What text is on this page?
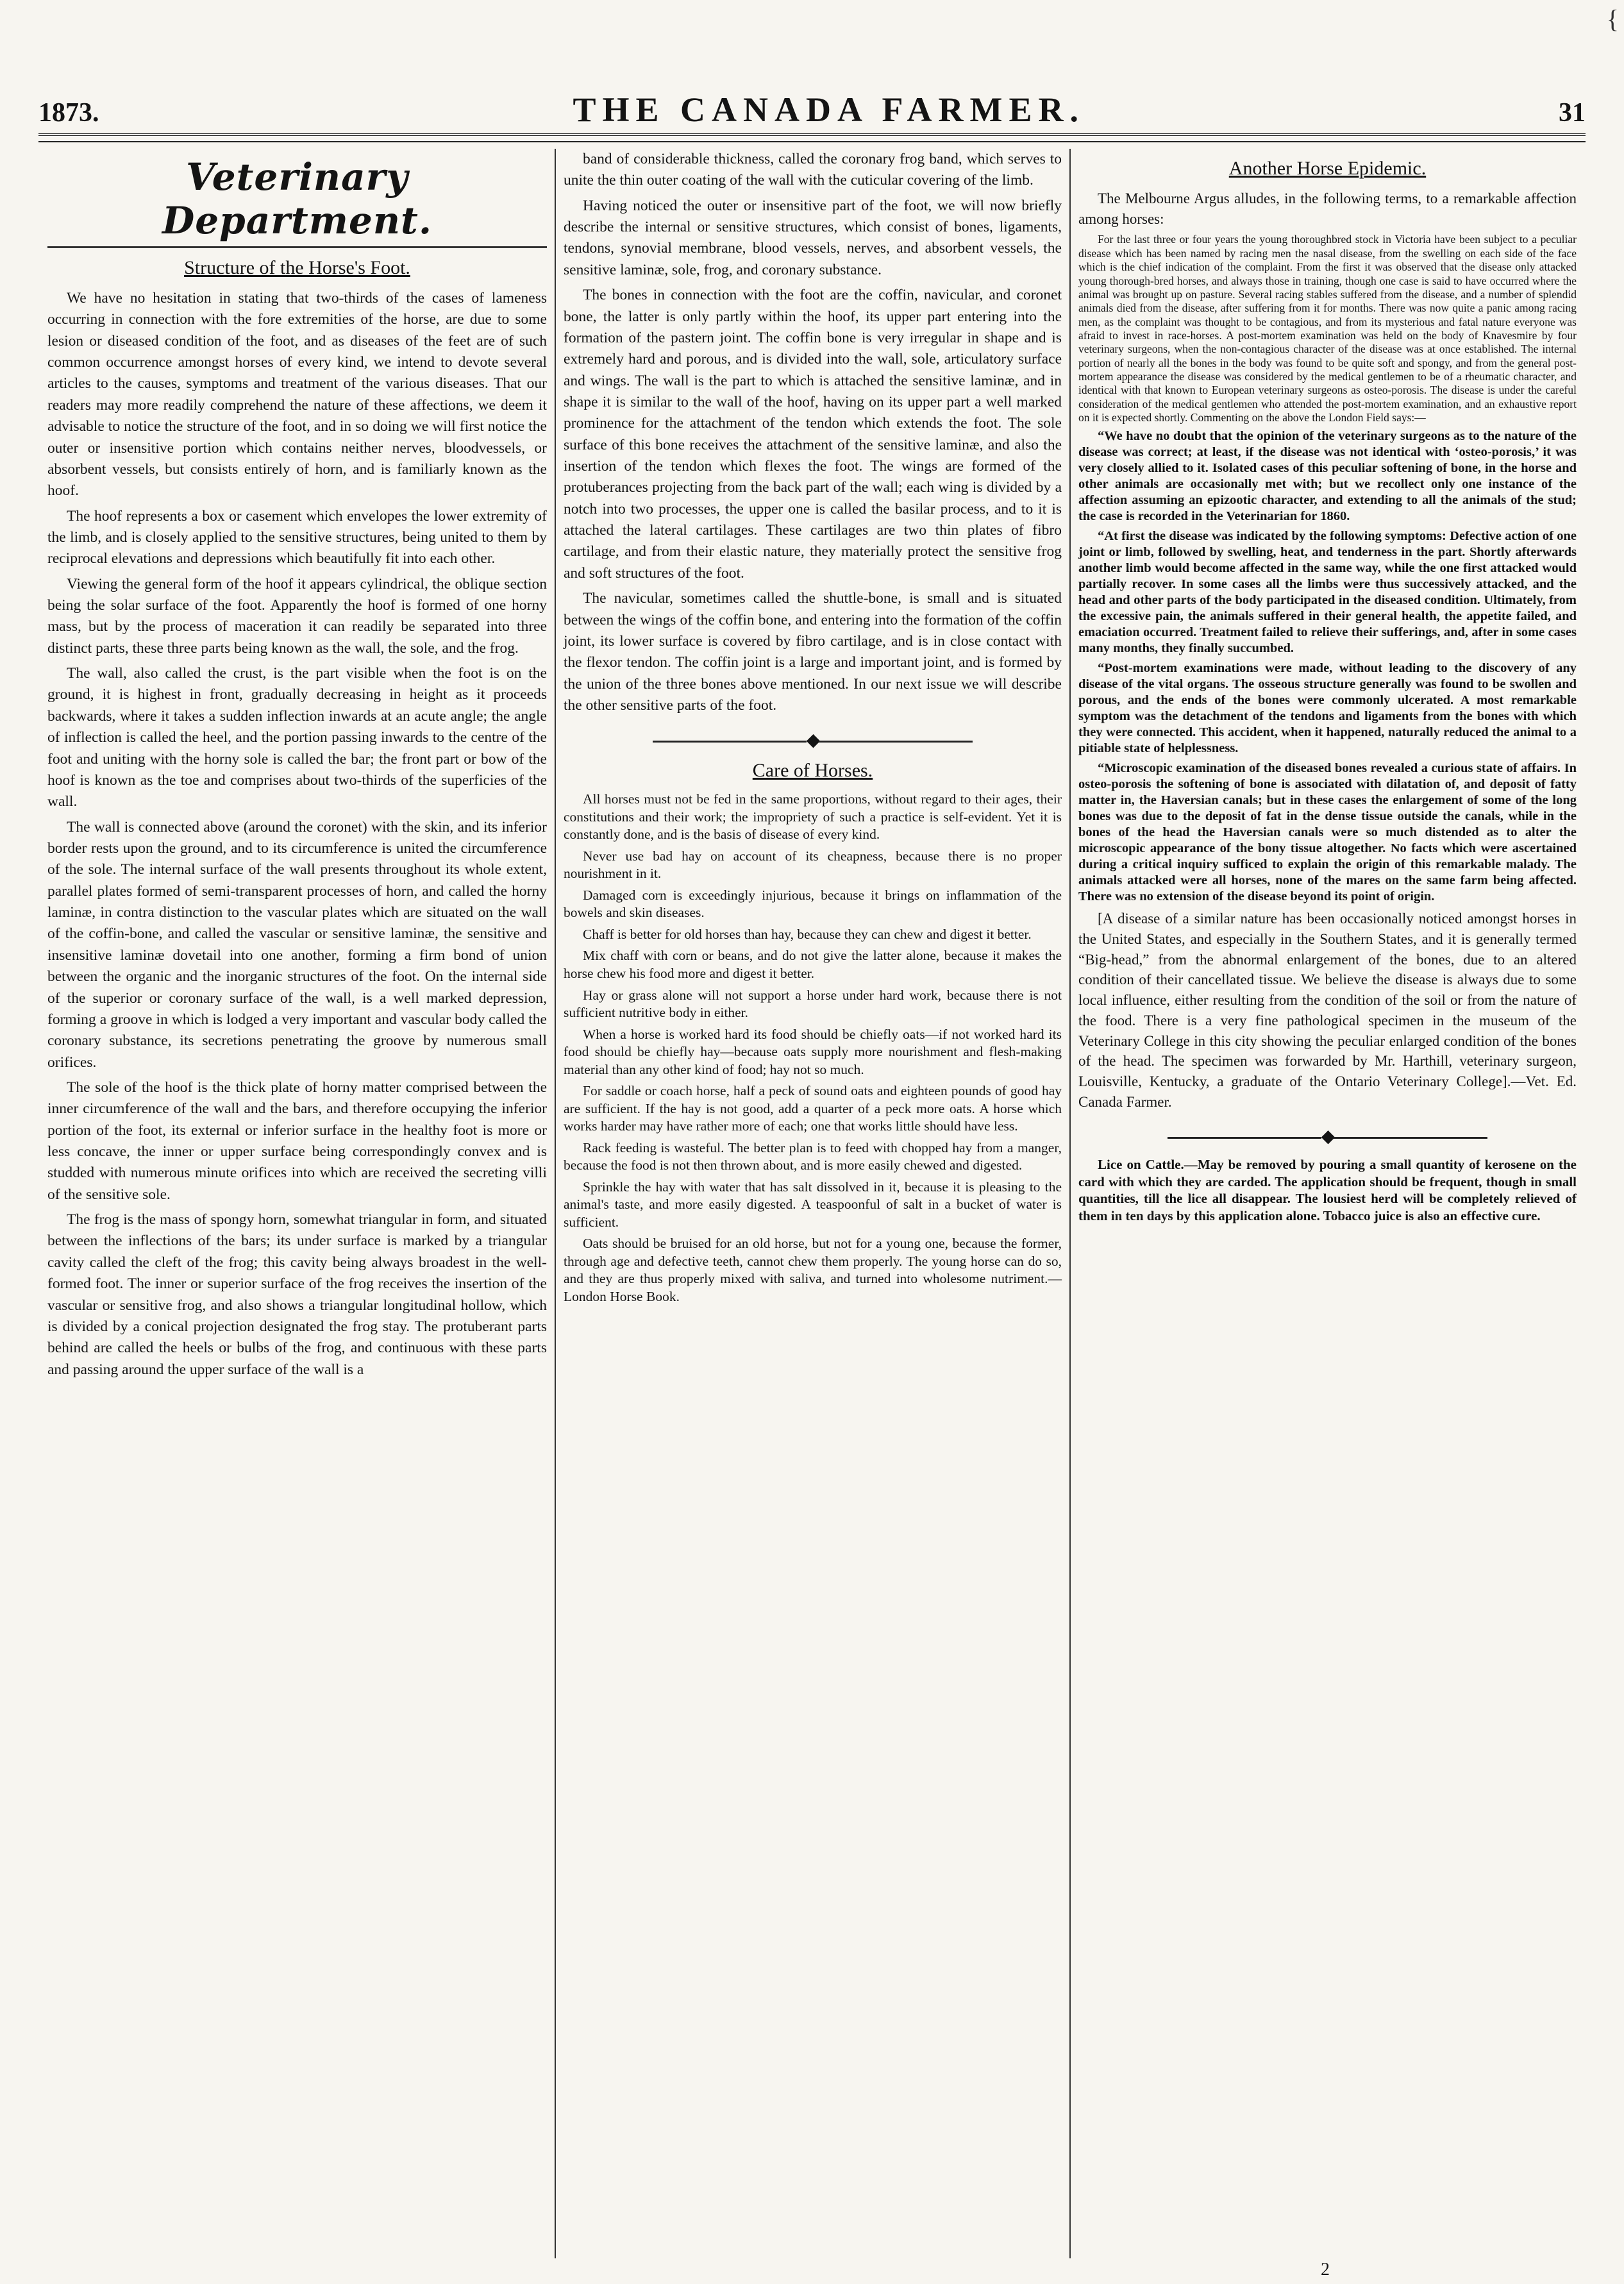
{
1873.	THE CANADA FARMER.	31
Veterinary Department.
Structure of the Horse's Foot.

We have no hesitation in stating that two-thirds of the cases of lameness occurring in connection with the fore extremities of the horse, are due to some lesion or diseased condition of the foot, and as diseases of the feet are of such common occurrence amongst horses of every kind, we intend to devote several articles to the causes, symptoms and treatment of the various diseases. That our readers may more readily comprehend the nature of these affections, we deem it advisable to notice the structure of the foot, and in so doing we will first notice the outer or insensitive portion which contains neither nerves, bloodvessels, or absorbent vessels, but consists entirely of horn, and is familiarly known as the hoof.

The hoof represents a box or casement which envelopes the lower extremity of the limb, and is closely applied to the sensitive structures, being united to them by reciprocal elevations and depressions which beautifully fit into each other.

Viewing the general form of the hoof it appears cylindrical, the oblique section being the solar surface of the foot. Apparently the hoof is formed of one horny mass, but by the process of maceration it can readily be separated into three distinct parts, these three parts being known as the wall, the sole, and the frog.

The wall, also called the crust, is the part visible when the foot is on the ground, it is highest in front, gradually decreasing in height as it proceeds backwards, where it takes a sudden inflection inwards at an acute angle; the angle of inflection is called the heel, and the portion passing inwards to the centre of the foot and uniting with the horny sole is called the bar; the front part or bow of the hoof is known as the toe and comprises about two-thirds of the superficies of the wall.

The wall is connected above (around the coronet) with the skin, and its inferior border rests upon the ground, and to its circumference is united the circumference of the sole. The internal surface of the wall presents throughout its whole extent, parallel plates formed of semi-transparent processes of horn, and called the horny laminæ, in contra distinction to the vascular plates which are situated on the wall of the coffin-bone, and called the vascular or sensitive laminæ, the sensitive and insensitive laminæ dovetail into one another, forming a firm bond of union between the organic and the inorganic structures of the foot. On the internal side of the superior or coronary surface of the wall, is a well marked depression, forming a groove in which is lodged a very important and vascular body called the coronary substance, its secretions penetrating the groove by numerous small orifices.

The sole of the hoof is the thick plate of horny matter comprised between the inner circumference of the wall and the bars, and therefore occupying the inferior portion of the foot, its external or inferior surface in the healthy foot is more or less concave, the inner or upper surface being correspondingly convex and is studded with numerous minute orifices into which are received the secreting villi of the sensitive sole.

The frog is the mass of spongy horn, somewhat triangular in form, and situated between the inflections of the bars; its under surface is marked by a triangular cavity called the cleft of the frog; this cavity being always broadest in the well-formed foot. The inner or superior surface of the frog receives the insertion of the vascular or sensitive frog, and also shows a triangular longitudinal hollow, which is divided by a conical projection designated the frog stay. The protuberant parts behind are called the heels or bulbs of the frog, and continuous with these parts and passing around the upper surface of the wall is a

band of considerable thickness, called the coronary frog band, which serves to unite the thin outer coating of the wall with the cuticular covering of the limb.

Having noticed the outer or insensitive part of the foot, we will now briefly describe the internal or sensitive structures, which consist of bones, ligaments, tendons, synovial membrane, blood vessels, nerves, and absorbent vessels, the sensitive laminæ, sole, frog, and coronary substance.

The bones in connection with the foot are the coffin, navicular, and coronet bone, the latter is only partly within the hoof, its upper part entering into the formation of the pastern joint. The coffin bone is very irregular in shape and is extremely hard and porous, and is divided into the wall, sole, articulatory surface and wings. The wall is the part to which is attached the sensitive laminæ, and in shape it is similar to the wall of the hoof, having on its upper part a well marked prominence for the attachment of the tendon which extends the foot. The sole surface of this bone receives the attachment of the sensitive laminæ, and also the insertion of the tendon which flexes the foot. The wings are formed of the protuberances projecting from the back part of the wall; each wing is divided by a notch into two processes, the upper one is called the basilar process, and to it is attached the lateral cartilages. These cartilages are two thin plates of fibro cartilage, and from their elastic nature, they materially protect the sensitive frog and soft structures of the foot.

The navicular, sometimes called the shuttle-bone, is small and is situated between the wings of the coffin bone, and entering into the formation of the coffin joint, its lower surface is covered by fibro cartilage, and is in close contact with the flexor tendon. The coffin joint is a large and important joint, and is formed by the union of the three bones above mentioned. In our next issue we will describe the other sensitive parts of the foot.

◆
Care of Horses.

All horses must not be fed in the same proportions, without regard to their ages, their constitutions and their work; the impropriety of such a practice is self-evident. Yet it is constantly done, and is the basis of disease of every kind.

Never use bad hay on account of its cheapness, because there is no proper nourishment in it.

Damaged corn is exceedingly injurious, because it brings on inflammation of the bowels and skin diseases.

Chaff is better for old horses than hay, because they can chew and digest it better.

Mix chaff with corn or beans, and do not give the latter alone, because it makes the horse chew his food more and digest it better.

Hay or grass alone will not support a horse under hard work, because there is not sufficient nutritive body in either.

When a horse is worked hard its food should be chiefly oats—if not worked hard its food should be chiefly hay—because oats supply more nourishment and flesh-making material than any other kind of food; hay not so much.

For saddle or coach horse, half a peck of sound oats and eighteen pounds of good hay are sufficient. If the hay is not good, add a quarter of a peck more oats. A horse which works harder may have rather more of each; one that works little should have less.

Rack feeding is wasteful. The better plan is to feed with chopped hay from a manger, because the food is not then thrown about, and is more easily chewed and digested.

Sprinkle the hay with water that has salt dissolved in it, because it is pleasing to the animal's taste, and more easily digested. A teaspoonful of salt in a bucket of water is sufficient.

Oats should be bruised for an old horse, but not for a young one, because the former, through age and defective teeth, cannot chew them properly. The young horse can do so, and they are thus properly mixed with saliva, and turned into wholesome nutriment.—London Horse Book.

Another Horse Epidemic.

The Melbourne Argus alludes, in the following terms, to a remarkable affection among horses:

For the last three or four years the young thoroughbred stock in Victoria have been subject to a peculiar disease which has been named by racing men the nasal disease, from the swelling on each side of the face which is the chief indication of the complaint. From the first it was observed that the disease only attacked young thorough-bred horses, and always those in training, though one case is said to have occurred where the animal was brought up on pasture. Several racing stables suffered from the disease, and a number of splendid animals died from the disease, after suffering from it for months. There was now quite a panic among racing men, as the complaint was thought to be contagious, and from its mysterious and fatal nature everyone was afraid to invest in race-horses. A post-mortem examination was held on the body of Knavesmire by four veterinary surgeons, when the non-contagious character of the disease was at once established. The internal portion of nearly all the bones in the body was found to be quite soft and spongy, and from the general post-mortem appearance the disease was considered by the medical gentlemen to be of a rheumatic character, and identical with that known to European veterinary surgeons as osteo-porosis. The disease is under the careful consideration of the medical gentlemen who attended the post-mortem examination, and an exhaustive report on it is expected shortly. Commenting on the above the London Field says:—

“We have no doubt that the opinion of the veterinary surgeons as to the nature of the disease was correct; at least, if the disease was not identical with ‘osteo-porosis,’ it was very closely allied to it. Isolated cases of this peculiar softening of bone, in the horse and other animals are occasionally met with; but we recollect only one instance of the affection assuming an epizootic character, and extending to all the animals of the stud; the case is recorded in the Veterinarian for 1860.

“At first the disease was indicated by the following symptoms: Defective action of one joint or limb, followed by swelling, heat, and tenderness in the part. Shortly afterwards another limb would become affected in the same way, while the one first attacked would partially recover. In some cases all the limbs were thus successively attacked, and the head and other parts of the body participated in the diseased condition. Ultimately, from the excessive pain, the animals suffered in their general health, the appetite failed, and emaciation occurred. Treatment failed to relieve their sufferings, and, after in some cases many months, they finally succumbed.

“Post-mortem examinations were made, without leading to the discovery of any disease of the vital organs. The osseous structure generally was found to be swollen and porous, and the ends of the bones were commonly ulcerated. A most remarkable symptom was the detachment of the tendons and ligaments from the bones with which they were connected. This accident, when it happened, naturally reduced the animal to a pitiable state of helplessness.

“Microscopic examination of the diseased bones revealed a curious state of affairs. In osteo-porosis the softening of bone is associated with dilatation of, and deposit of fatty matter in, the Haversian canals; but in these cases the enlargement of some of the long bones was due to the deposit of fat in the dense tissue outside the canals, while in the bones of the head the Haversian canals were so much distended as to alter the microscopic appearance of the bony tissue altogether. No facts which were ascertained during a critical inquiry sufficed to explain the origin of this remarkable malady. The animals attacked were all horses, none of the mares on the same farm being affected. There was no extension of the disease beyond its point of origin.

[A disease of a similar nature has been occasionally noticed amongst horses in the United States, and especially in the Southern States, and it is generally termed “Big-head,” from the abnormal enlargement of the bones, due to an altered condition of their cancellated tissue. We believe the disease is always due to some local influence, either resulting from the condition of the soil or from the nature of the food. There is a very fine pathological specimen in the museum of the Veterinary College in this city showing the peculiar enlarged condition of the bones of the head. The specimen was forwarded by Mr. Harthill, veterinary surgeon, Louisville, Kentucky, a graduate of the Ontario Veterinary College].—Vet. Ed. Canada Farmer.

◆

Lice on Cattle.—May be removed by pouring a small quantity of kerosene on the card with which they are carded. The application should be frequent, though in small quantities, till the lice all disappear. The lousiest herd will be completely relieved of them in ten days by this application alone. Tobacco juice is also an effective cure.

2
